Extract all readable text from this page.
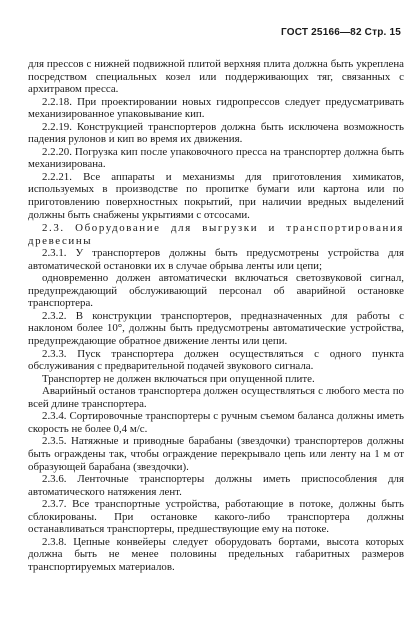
ГОСТ 25166—82 Стр. 15

для прессов с нижней подвижной плитой верхняя плита должна быть укреплена посредством специальных козел или поддерживающих тяг, связанных с архитравом пресса.

2.2.18. При проектировании новых гидропрессов следует предусматривать механизированное упаковывание кип.

2.2.19. Конструкцией транспортеров должна быть исключена возможность падения рулонов и кип во время их движения.

2.2.20. Погрузка кип после упаковочного пресса на транспортер должна быть механизирована.

2.2.21. Все аппараты и механизмы для приготовления химикатов, используемых в производстве по пропитке бумаги или картона или по приготовлению поверхностных покрытий, при наличии вредных выделений должны быть снабжены укрытиями с отсосами.

2.3. Оборудование для выгрузки и транспортирования древесины

2.3.1. У транспортеров должны быть предусмотрены устройства для автоматической остановки их в случае обрыва ленты или цепи;

одновременно должен автоматически включаться светозвуковой сигнал, предупреждающий обслуживающий персонал об аварийной остановке транспортера.

2.3.2. В конструкции транспортеров, предназначенных для работы с наклоном более 10°, должны быть предусмотрены автоматические устройства, предупреждающие обратное движение ленты или цепи.

2.3.3. Пуск транспортера должен осуществляться с одного пункта обслуживания с предварительной подачей звукового сигнала.

Транспортер не должен включаться при опущенной плите.

Аварийный останов транспортера должен осуществляться с любого места по всей длине транспортера.

2.3.4. Сортировочные транспортеры с ручным съемом баланса должны иметь скорость не более 0,4 м/с.

2.3.5. Натяжные и приводные барабаны (звездочки) транспортеров должны быть ограждены так, чтобы ограждение перекрывало цепь или ленту на 1 м от образующей барабана (звездочки).

2.3.6. Ленточные транспортеры должны иметь приспособления для автоматического натяжения лент.

2.3.7. Все транспортные устройства, работающие в потоке, должны быть сблокированы. При остановке какого-либо транспортера должны останавливаться транспортеры, предшествующие ему на потоке.

2.3.8. Цепные конвейеры следует оборудовать бортами, высота которых должна быть не менее половины предельных габаритных размеров транспортируемых материалов.
